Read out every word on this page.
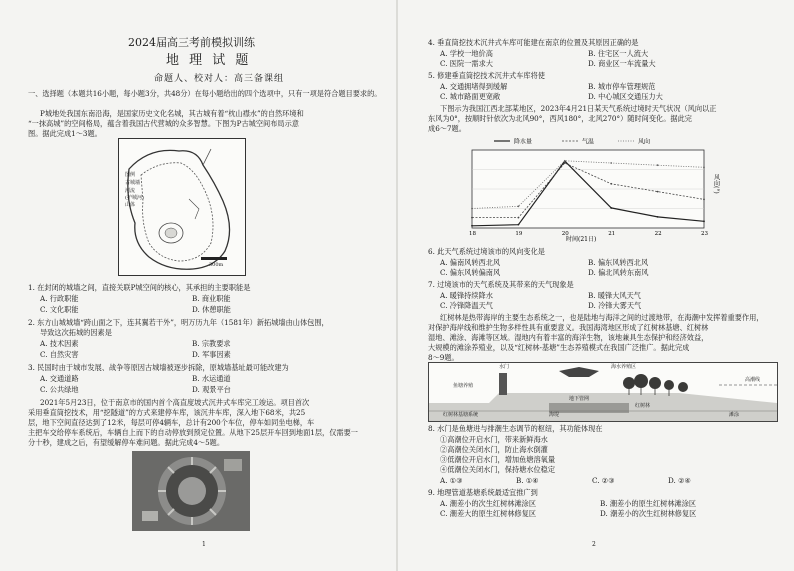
2024届高三考前模拟训练
地 理 试 题
命题人、校对人：高三备课组
一、选择题（本题共16小题，每小题3分，共48分）在每小题给出的四个选项中，只有一项是符合题目要求的。
P城地处我国东南沿海，是国家历史文化名城，其古城有着“枕山襟水”的自然环境和
“一抹高城”的空间格局，蕴含着我国古代营城的众多智慧。下图为P古城空间布局示意
图。据此完成1～3题。
图例
古城墙
河流
(护城河)
山体
300m
1. 在封闭的城墙之间，直接关联P城空间的核心，其承担的主要职能是
A. 行政职能	B. 商业职能
C. 文化职能	D. 休憩职能
2. 东方山城城墙“跨山面之下，连其翼若干外”，明万历九年（1581年）新拓城墙由山体包围，
导致这次拓城的因素是
A. 技术因素	B. 宗教要求
C. 自然灾害	D. 军事因素
3. 民国时由于城市发展、战争等原因古城墙被逐步拆除，原城墙基址最可能改建为
A. 交通道路	B. 水运通道
C. 公共绿地	D. 观景平台
2021年5月23日，位于南京市的国内首个高直度坡式沉井式车库完工竣运。项目首次
采用垂直筒挖技术，用“挖隧道”的方式来建停车库，该沉井车库，深入地下68米，共25
层，地下空间直径达到了12米，每层可停4辆车，总计有200个车位，停车如同坐电梯，车
主把车交给停车系统后，车辆自上而下的自动停放到预定位置。从地下25层开车回到地面1层，仅需要一
分十秒，建成之后，有望缓解停车难问题。据此完成4～5题。
1
4. 垂直筒挖技术沉井式车库可能建在南京的位置及其原因正确的是
A. 学校一地价高	B. 住宅区一人流大
C. 医院一需求大	D. 商业区一车流量大
5. 修建垂直筒挖技术沉井式车库将使
A. 交通拥堵得到缓解	B. 城市停车管理规范
C. 城市路面更宽敞	D. 中心城区交通压力大
下图示为我国江西北部某地区，2023年4月21日某天气系统过境时天气状况（风向以正
东风为0°，按顺时针依次为北风90°，西风180°，北风270°）随时间变化。据此完
成6～7题。
18	19	20	21	22	23
降水量	气温	风向
时间(21日)
风向(°)
6. 此天气系统过境该市的风向变化是
A. 偏南风转西北风	B. 偏东风转西北风
C. 偏东风转偏南风	D. 偏北风转东南风
7. 过境该市的天气系统及其带来的天气现象是
A. 暖锋持续降水	B. 暖锋大风天气
C. 冷锋降温天气	D. 冷锋大雾天气
红树林是热带海岸的主要生态系统之一，也是陆地与海洋之间的过渡地带，在海潮中发挥着重要作用，
对保护海岸线和维护生物多样性具有重要意义。我国海湾地区形成了红树林基塘、红树林
湿地、滩涂、海滩等区域。湿地内有着丰富的海洋生物，该地兼具生态保护和经济效益，
大规模的滩涂养殖业，以及“红树林-基塘”生态养殖模式在我国广泛推广。据此完成
8～9题。
水门	海水养殖区
高潮线
鱼塘养殖
红树林
地下管网
红树林基塘系统	海堤	滩涂
8. 水门是鱼塘进与排潮生态调节的枢纽，其功能体现在
①高潮位开启水门，带来新鲜海水
②高潮位关闭水门，防止海水倒灌
③低潮位开启水门，增加鱼塘溶氧量
④低潮位关闭水门，保持塘水位稳定
A. ①③	B. ①④	C. ②③	D. ②④
9. 地理管道基塘系统最适宜推广到
A. 潮差小的次生红树林滩涂区	B. 潮差小的原生红树林滩涂区
C. 潮差大的原生红树林修复区	D. 潮差小的次生红树林修复区
2
